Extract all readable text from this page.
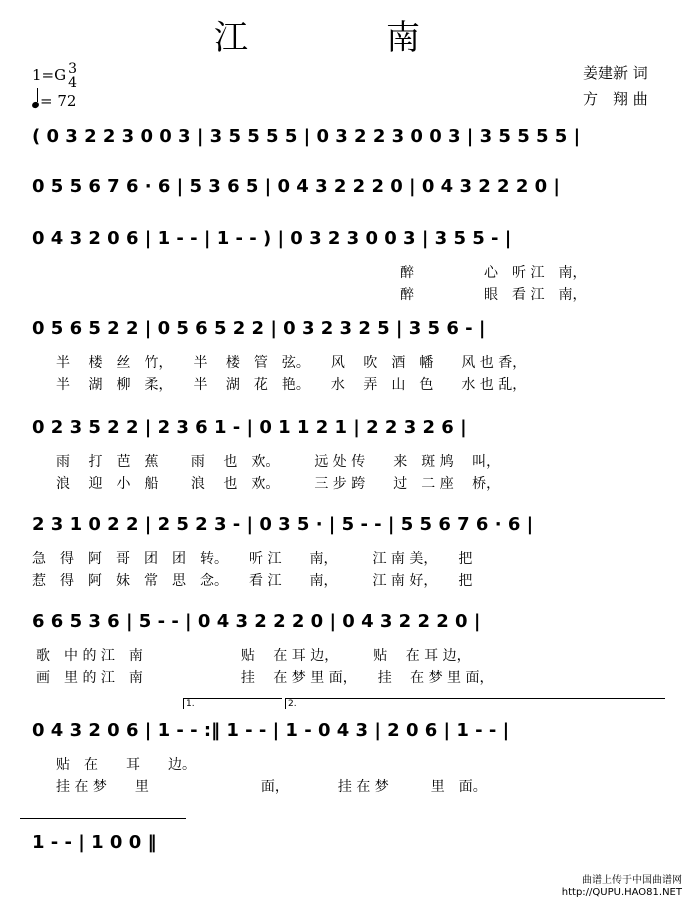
江　南
1=G 3
4
= 72
姜建新 词
方　翔 曲
( 0 3 2 2 3 0 0 3 | 3 5 5 5 5 | 0 3 2 2 3 0 0 3 | 3 5 5 5 5 |
0 5 5 6 7 6 · 6 | 5 3 6 5 | 0 4 3 2 2 2 0 | 0 4 3 2 2 2 0 |
0 4 3 2 0 6 | 1 - - | 1 - - ) | 0 3 2 3 0 0 3 | 3 5 5 - |
醉　　　　　心　听 江　南，
醉　　　　　眼　看 江　南，
0 5 6 5 2 2 | 0 5 6 5 2 2 | 0 3 2 3 2 5 | 3 5 6 - |
半　 楼　丝　竹，　　半　 楼　管　弦。　　风　 吹　酒　幡　　风 也 香，
半　 湖　柳　柔，　　半　 湖　花　艳。　　水　 弄　山　色　　水 也 乱，
0 2 3 5 2 2 | 2 3 6 1 - | 0 1 1 2 1 | 2 2 3 2 6 |
雨　 打　芭　蕉　　 雨　 也　欢。　　　远 处 传　　来　斑 鸠　 叫，
浪　 迎　小　船　　 浪　 也　欢。　　　三 步 跨　　过　二 座　 桥，
2 3 1 0 2 2 | 2 5 2 3 - | 0 3 5 · | 5 - - | 5 5 6 7 6 · 6 |
急　得　阿　哥　团　团　转。　　听 江　　南，　　　江 南 美，　　把
惹　得　阿　妹　常　思　念。　　看 江　　南，　　　江 南 好，　　把
6 6 5 3 6 | 5 - - | 0 4 3 2 2 2 0 | 0 4 3 2 2 2 0 |
歌　中 的 江　南　　　　　　　贴　 在 耳 边，　　　贴　 在 耳 边，
画　里 的 江　南　　　　　　　挂　 在 梦 里 面，　　挂　 在 梦 里 面，
1.	2.
0 4 3 2 0 6 | 1 - - :‖ 1 - - | 1 - 0 4 3 | 2 0 6 | 1 - - |
贴　在　　耳　　边。
挂 在 梦　　里　　　　　　　　面，　　　　挂 在 梦　　　里　面。
1 - - | 1 0 0 ‖
曲谱上传于中国曲谱网
http://QUPU.HAO81.NET
